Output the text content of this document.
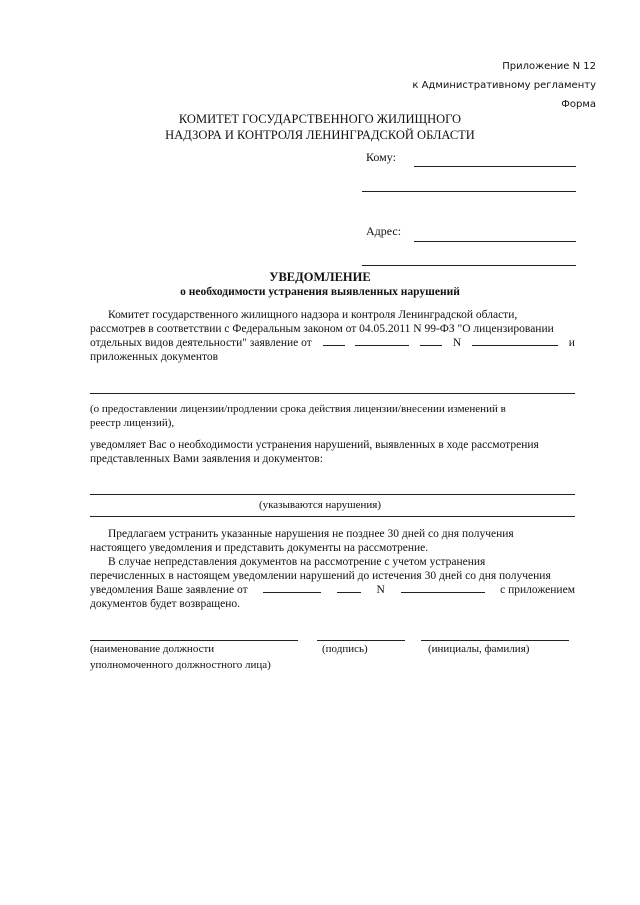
Приложение N 12
к Административному регламенту
Форма
КОМИТЕТ ГОСУДАРСТВЕННОГО ЖИЛИЩНОГО
НАДЗОРА И КОНТРОЛЯ ЛЕНИНГРАДСКОЙ ОБЛАСТИ
Кому:
Адрес:
УВЕДОМЛЕНИЕ
о необходимости устранения выявленных нарушений
Комитет государственного жилищного надзора и контроля Ленинградской области,
рассмотрев в соответствии с Федеральным законом от 04.05.2011 N 99-ФЗ "О лицензировании
отдельных видов деятельности" заявление от	N	и
приложенных документов
(о предоставлении лицензии/продлении срока действия лицензии/внесении изменений в
реестр лицензий),
уведомляет Вас о необходимости устранения нарушений, выявленных в ходе рассмотрения
представленных Вами заявления и документов:
(указываются нарушения)
Предлагаем устранить указанные нарушения не позднее 30 дней со дня получения
настоящего уведомления и представить документы на рассмотрение.
В случае непредставления документов на рассмотрение с учетом устранения
перечисленных в настоящем уведомлении нарушений до истечения 30 дней со дня получения
уведомления Ваше заявление от	N	с приложением
документов будет возвращено.
(наименование должности	(подпись)	(инициалы, фамилия)
уполномоченного должностного лица)
